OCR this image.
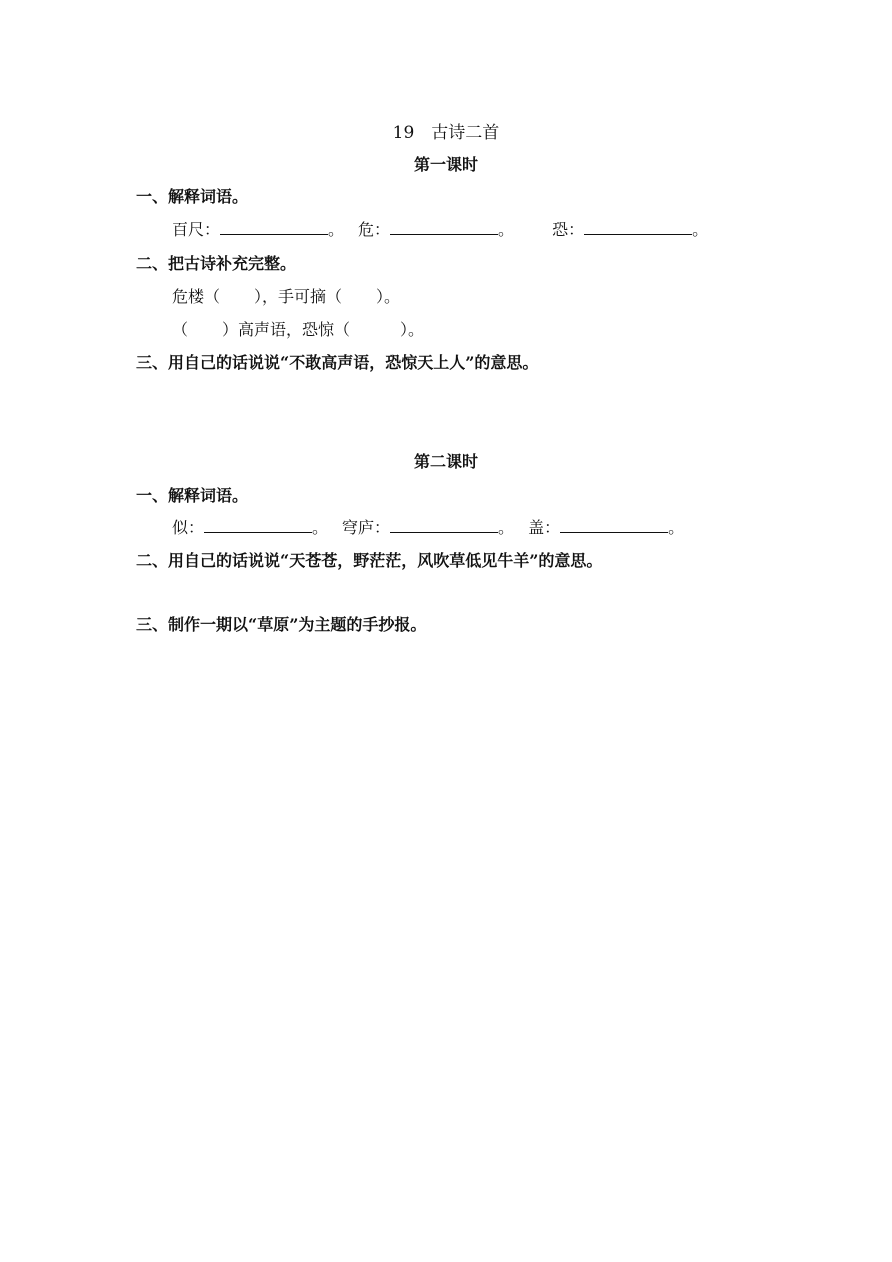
19　古诗二首
第一课时
一、解释词语。
百尺：	。 危：	。 恐：	。
二、把古诗补充完整。
危楼（ ），手可摘（ ）。
（ ）高声语，恐惊（	）。
三、用自己的话说说“不敢高声语，恐惊天上人”的意思。
第二课时
一、解释词语。
似：	。 穹庐：	。 盖：	。
二、用自己的话说说“天苍苍，野茫茫，风吹草低见牛羊”的意思。
三、制作一期以“草原”为主题的手抄报。
